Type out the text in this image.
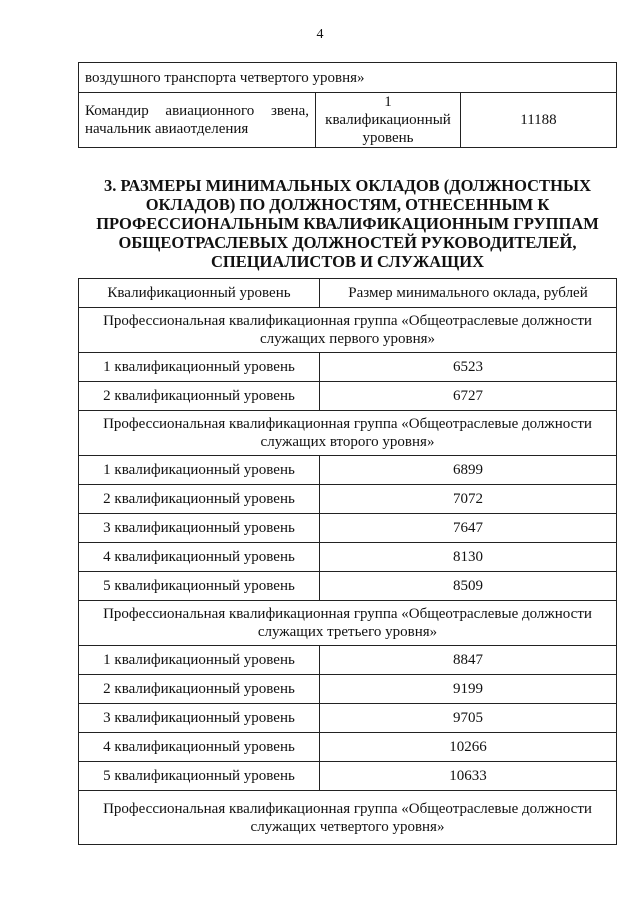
4
воздушного транспорта четвертого уровня»
Командир авиационного звена, начальник авиаотделения	1 квалификационный уровень	11188
3. РАЗМЕРЫ МИНИМАЛЬНЫХ ОКЛАДОВ (ДОЛЖНОСТНЫХ ОКЛАДОВ) ПО ДОЛЖНОСТЯМ, ОТНЕСЕННЫМ К ПРОФЕССИОНАЛЬНЫМ КВАЛИФИКАЦИОННЫМ ГРУППАМ ОБЩЕОТРАСЛЕВЫХ ДОЛЖНОСТЕЙ РУКОВОДИТЕЛЕЙ, СПЕЦИАЛИСТОВ И СЛУЖАЩИХ
Квалификационный уровень	Размер минимального оклада, рублей
Профессиональная квалификационная группа «Общеотраслевые должности служащих первого уровня»	
1 квалификационный уровень	6523
2 квалификационный уровень	6727
Профессиональная квалификационная группа «Общеотраслевые должности служащих второго уровня»	
1 квалификационный уровень	6899
2 квалификационный уровень	7072
3 квалификационный уровень	7647
4 квалификационный уровень	8130
5 квалификационный уровень	8509
Профессиональная квалификационная группа «Общеотраслевые должности служащих третьего уровня»	
1 квалификационный уровень	8847
2 квалификационный уровень	9199
3 квалификационный уровень	9705
4 квалификационный уровень	10266
5 квалификационный уровень	10633
Профессиональная квалификационная группа «Общеотраслевые должности служащих четвертого уровня»	
